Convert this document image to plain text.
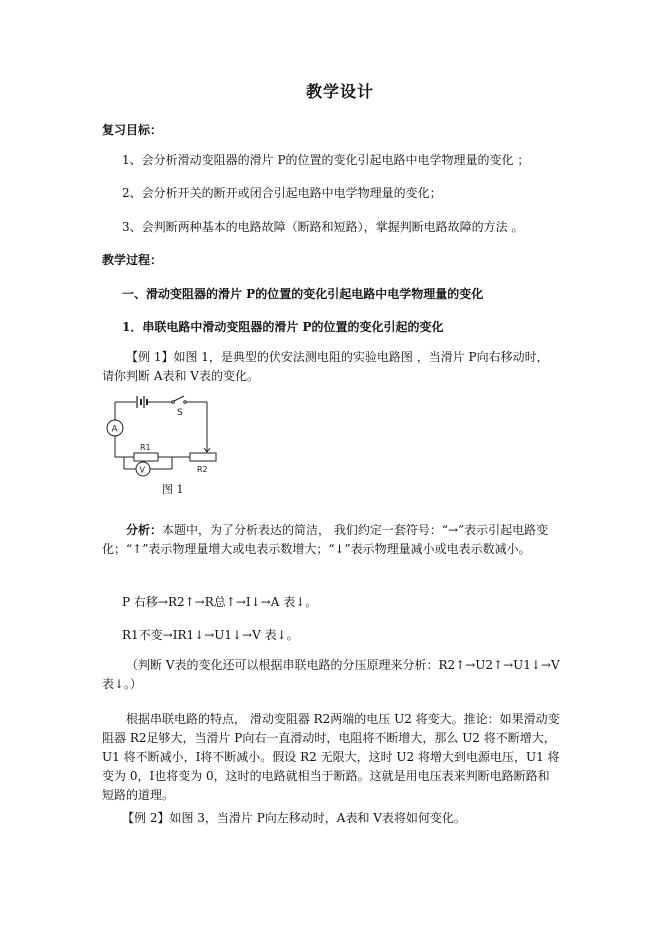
教学设计
复习目标：
1、会分析滑动变阻器的滑片 P的位置的变化引起电路中电学物理量的变化 ；
2、会分析开关的断开或闭合引起电路中电学物理量的变化；
3、会判断两种基本的电路故障（断路和短路），掌握判断电路故障的方法 。
教学过程：
一、滑动变阻器的滑片 P的位置的变化引起电路中电学物理量的变化
1．串联电路中滑动变阻器的滑片 P的位置的变化引起的变化
【例 1】如图 1，是典型的伏安法测电阻的实验电路图 ，当滑片 P向右移动时，请你判断 A表和 V表的变化。
S
A
R1
V	R2
图 1
分析：本题中，为了分析表达的简洁， 我们约定一套符号：“→”表示引起电路变化；“↑”表示物理量增大或电表示数增大；“↓”表示物理量减小或电表示数减小。
P 右移→R2↑→R总↑→I↓→A 表↓。
R1不变→IR1↓→U1↓→V 表↓。
（判断 V表的变化还可以根据串联电路的分压原理来分析：R2↑→U2↑→U1↓→V表↓。）
根据串联电路的特点， 滑动变阻器 R2两端的电压 U2 将变大。推论：如果滑动变阻器 R2足够大，当滑片 P向右一直滑动时，电阻将不断增大，那么 U2 将不断增大，U1 将不断减小，I将不断减小。假设 R2 无限大，这时 U2 将增大到电源电压，U1 将变为 0，I也将变为 0，这时的电路就相当于断路。这就是用电压表来判断电路断路和短路的道理。
【例 2】如图 3，当滑片 P向左移动时，A表和 V表将如何变化。
